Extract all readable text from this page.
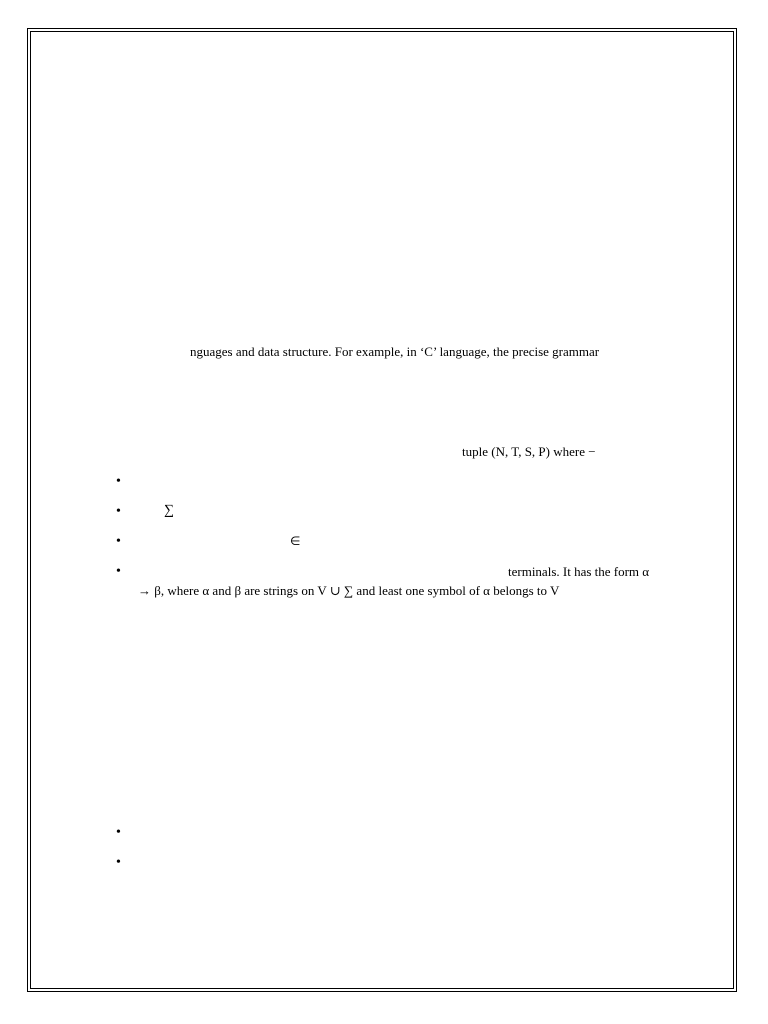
nguages and data structure. For example, in ‘C’ language, the precise grammar
tuple (N, T, S, P) where −
•
•	∑
•	∈
•	terminals. It has the form α
→ β, where α and β are strings on V ∪ ∑ and least one symbol of α belongs to V
•
•
